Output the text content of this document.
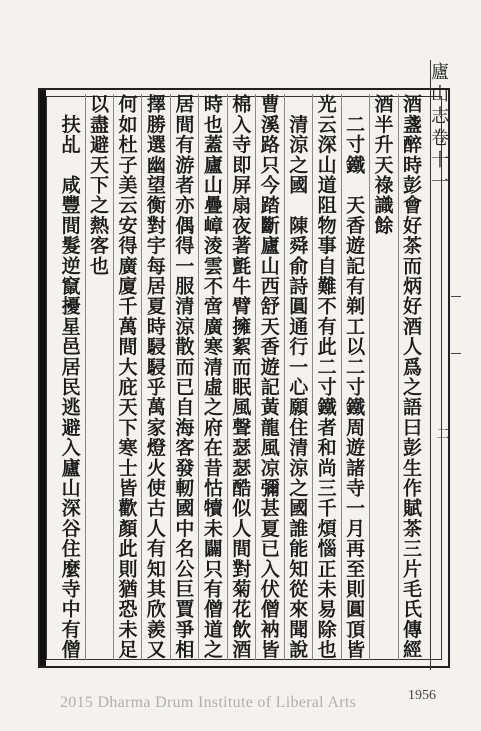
廬山志卷十一
二
酒盞醉時彭會好茶而炳好酒人爲之語曰彭生作賦茶三片毛氏傳經
酒半升天祿識餘
　二寸鐵　天香遊記有剃工以二寸鐵周遊諸寺一月再至則圓頂皆
光云深山道阻物事自難不有此二寸鐵者和尚三千煩惱正未易除也
　清涼之國　陳舜俞詩圓通行一心願住清涼之國誰能知從來聞說
曹溪路只今踏斷廬山西舒天香遊記黃龍風凉彌甚夏已入伏僧衲皆
棉入寺即屏扇夜著氈牛臂擁絮而眠風聲瑟瑟酷似人間對菊花飲酒
時也蓋廬山疊嶂淩雲不啻廣寒清虛之府在昔怙犢未闢只有僧道之
居間有游者亦偶得一服清涼散而已自海客發軔國中名公巨賈爭相
擇勝選幽望衡對宇每居夏時駸駸乎萬家燈火使古人有知其欣羨又
何如杜子美云安得廣廈千萬間大庇天下寒士皆歡顏此則猶恐未足
以盡避天下之熱客也
　扶乩　咸豐間髮逆竄擾星邑居民逃避入廬山深谷住麼寺中有僧
2015 Dharma Drum Institute of Liberal Arts	1956
